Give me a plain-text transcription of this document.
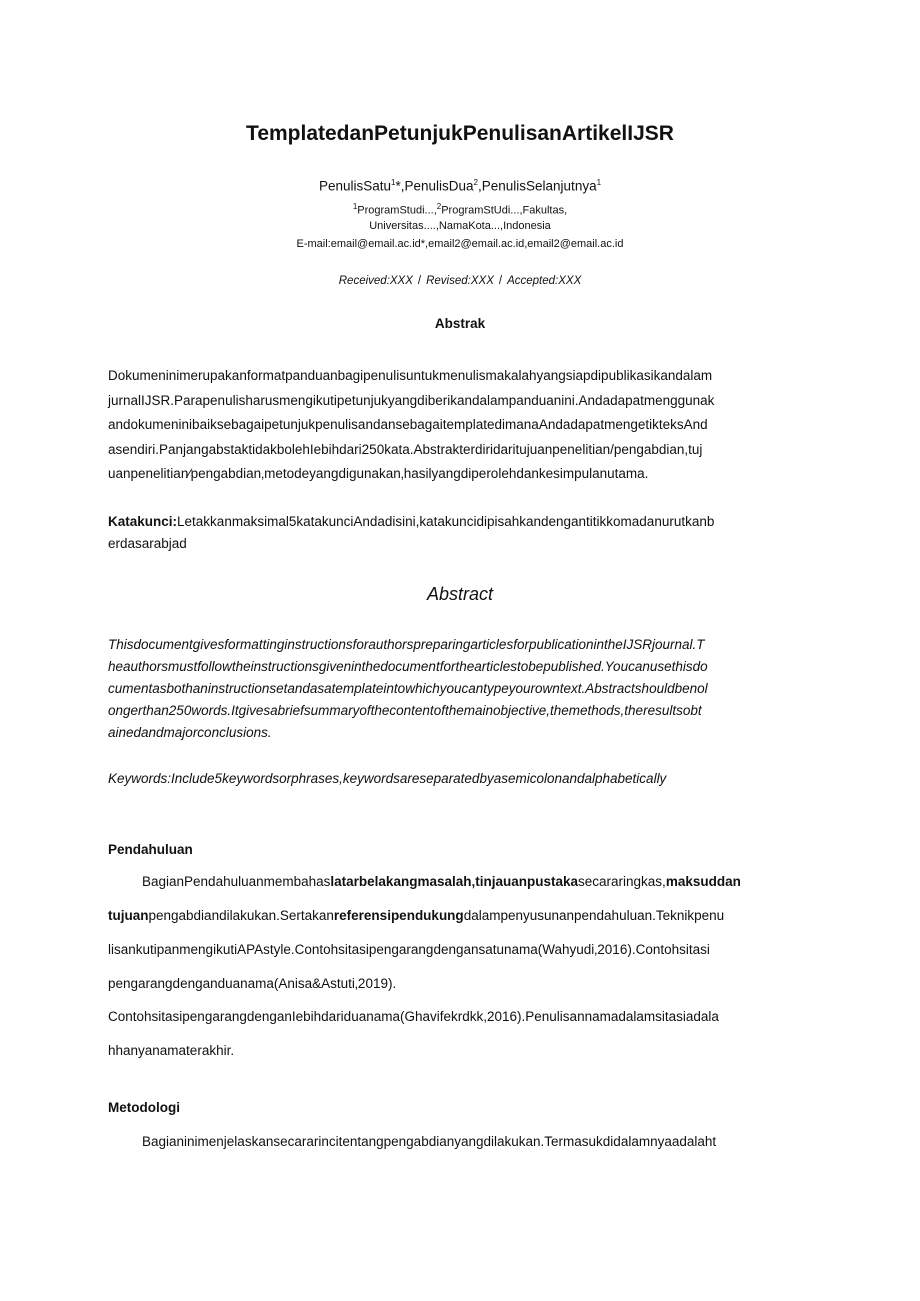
TemplatedanPetunjukPenulisanArtikelIJSR
PenulisSatu$^1$*,PenulisDua$^2$,PenulisSelanjutnya$^1$
$^1$ProgramStudi...,$^2$ProgramStUdi...,Fakultas,
Universitas....,NamaKota...,Indonesia
E-mail:email@email.ac.id*,email2@email.ac.id,email2@email.ac.id
Received:XXX / Revised:XXX / Accepted:XXX
Abstrak
Dokumeninimerupakanformatpanduanbagipenulisuntukmenulismakalahyangsiapdipublikasikandalam
jurnalIJSR.Parapenulisharusmengikutipetunjukyangdiberikandalampanduanini.Andadapatmenggunak
andokumeninibaiksebagaipetunjukpenulisandansebagaitemplatedimanaAndadapatmengetikteksAnd
asendiri.PanjangabstaktidakbolehIebihdari250kata.Abstrakterdiridaritujuanpenelitian/pengabdian,tuj
uanpenelitian∕pengabdian‚metodeyangdigunakan‚hasilyangdiperolehdankesimpulanutama.
Katakunci:Letakkanmaksimal5katakunciAndadisini,katakuncidipisahkandengantitikkomadanurutkanb
erdasarabjad
Abstract
ThisdocumentgivesformattinginstructionsforauthorspreparingarticlesforpublicationintheIJSRjournal.T
heauthorsmustfollowtheinstructionsgiveninthedocumentforthearticlestobepublished.Youcanusethisdo
cumentasbothaninstructionsetandasatemplateintowhichyoucantypeyourowntext.Abstractshouldbenol
ongerthan250words.Itgivesabriefsummaryofthecontentofthemainobjective,themethods,theresultsobt
ainedandmajorconclusions.
Keywords:Include5keywordsorphrases,keywordsareseparatedbyasemicolonandalphabetically
Pendahuluan
BagianPendahuluanmembahaslatarbelakangmasalah‚tinjauanpustakasecararingkas,maksuddan
tujuanpengabdiandilakukan.Sertakanreferensipendukungdalampenyusunanpendahuluan.Teknikpenu
lisankutipanmengikutiAPAstyle.Contohsitasipengarangdengansatunama(Wahyudi‚2016).Contohsitasi
pengarangdenganduanama(Anisa&Astuti‚2019).
ContohsitasipengarangdenganIebihdariduanama(Ghavifekrdkk,2016).Penulisannamadalamsitasiadala
hhanyanamaterakhir.
Metodologi
Bagianinimenjelaskansecararincitentangpengabdianyangdilakukan.Termasukdidalamnyaadalaht
